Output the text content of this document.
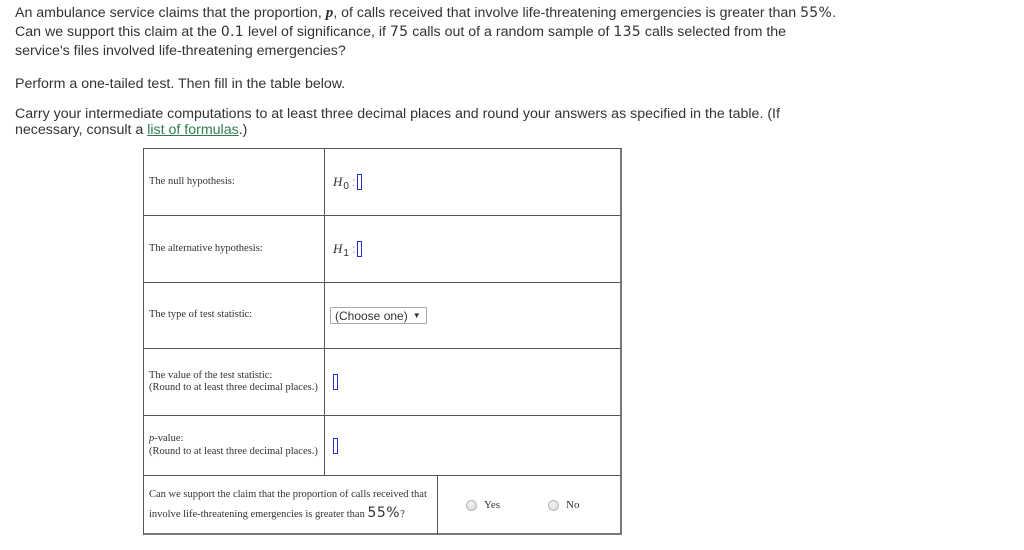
An ambulance service claims that the proportion, p, of calls received that involve life-threatening emergencies is greater than 55%.
Can we support this claim at the 0.1 level of significance, if 75 calls out of a random sample of 135 calls selected from the
service's files involved life-threatening emergencies?

Perform a one-tailed test. Then fill in the table below.

Carry your intermediate computations to at least three decimal places and round your answers as specified in the table. (If
necessary, consult a list of formulas.)

The null hypothesis:	$H_0$ :
The alternative hypothesis:	$H_1$ :
The type of test statistic:	(Choose one) ▼
The value of the test statistic:
(Round to at least three decimal places.)
p-value:
(Round to at least three decimal places.)
Can we support the claim that the proportion of calls received that
involve life-threatening emergencies is greater than 55%?
Yes	No
